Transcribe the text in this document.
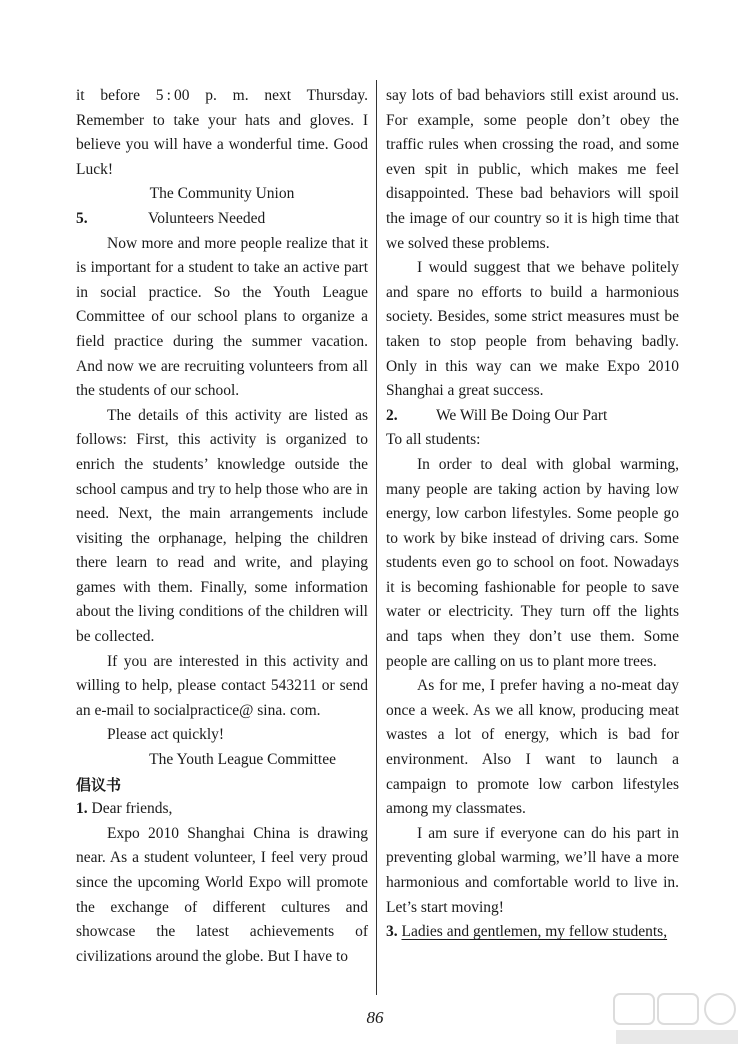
it before 5 : 00 p. m. next Thursday. Remember to take your hats and gloves. I believe you will have a wonderful time. Good Luck!

The Community Union

5.	Volunteers Needed

Now more and more people realize that it is important for a student to take an active part in social practice. So the Youth League Committee of our school plans to organize a field practice during the summer vacation. And now we are recruiting volunteers from all the students of our school.

The details of this activity are listed as follows: First, this activity is organized to enrich the students’ knowledge outside the school campus and try to help those who are in need. Next, the main arrangements include visiting the orphanage, helping the children there learn to read and write, and playing games with them. Finally, some information about the living conditions of the children will be collected.

If you are interested in this activity and willing to help, please contact 543211 or send an e-mail to socialpractice@ sina. com.

Please act quickly!

The Youth League Committee

倡议书

1. Dear friends,

Expo 2010 Shanghai China is drawing near. As a student volunteer, I feel very proud since the upcoming World Expo will promote the exchange of different cultures and showcase the latest achievements of civilizations around the globe. But I have to

say lots of bad behaviors still exist around us. For example, some people don’t obey the traffic rules when crossing the road, and some even spit in public, which makes me feel disappointed. These bad behaviors will spoil the image of our country so it is high time that we solved these problems.

I would suggest that we behave politely and spare no efforts to build a harmonious society. Besides, some strict measures must be taken to stop people from behaving badly. Only in this way can we make Expo 2010 Shanghai a great success.

2.	We Will Be Doing Our Part

To all students:

In order to deal with global warming, many people are taking action by having low energy, low carbon lifestyles. Some people go to work by bike instead of driving cars. Some students even go to school on foot. Nowadays it is becoming fashionable for people to save water or electricity. They turn off the lights and taps when they don’t use them. Some people are calling on us to plant more trees.

As for me, I prefer having a no-meat day once a week. As we all know, producing meat wastes a lot of energy, which is bad for environment. Also I want to launch a campaign to promote low carbon lifestyles among my classmates.

I am sure if everyone can do his part in preventing global warming, we’ll have a more harmonious and comfortable world to live in. Let’s start moving!

3. Ladies and gentlemen, my fellow students,

86
